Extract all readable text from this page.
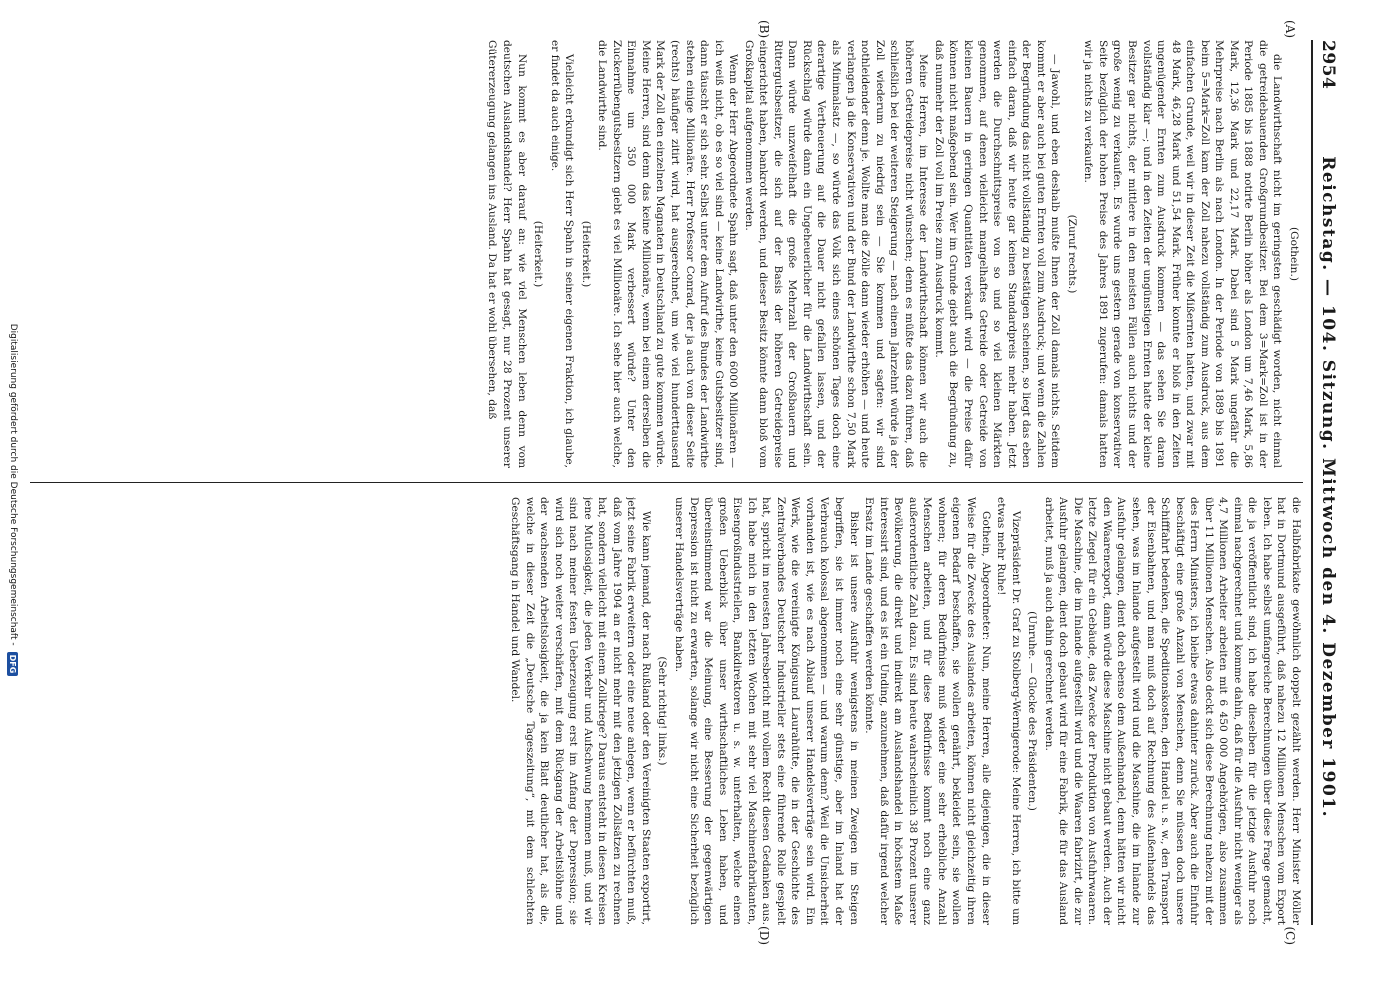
2954
Reichstag. — 104. Sitzung. Mittwoch den 4. Dezember 1901.
(A)
(B)
(C)
(D)

(Gothein.)

die Landwirthschaft nicht im geringsten geschädigt worden, nicht einmal die getreidebauenden Großgrundbesitzer. Bei dem 3=Mark=Zoll ist in der Periode 1885 bis 1888 notirte Berlin höher als London um 7,46 Mark, 5,86 Mark, 12,36 Mark und 22,17 Mark. Dabei sind 5 Mark ungefähr die Mehrpreise nach Berlin als nach London. In der Periode von 1889 bis 1891 beim 5=Mark=Zoll kam der Zoll nahezu vollständig zum Ausdruck, aus dem einfachen Grunde, weil wir in dieser Zeit die Mißernten hatten, und zwar mit 48 Mark, 46,28 Mark und 51,54 Mark. Früher konnte er bloß in den Zeiten ungenügender Ernten zum Ausdruck kommen — das sehen Sie daran vollständig klar —; und in den Zeiten der ungünstigen Ernten hatte der kleine Besitzer gar nichts, der mittlere in den meisten Fällen auch nichts und der große wenig zu verkaufen. Es wurde uns gestern gerade von konservativer Seite bezüglich der hohen Preise des Jahres 1891 zugerufen: damals hatten wir ja nichts zu verkaufen.

(Zuruf rechts.)

— Jawohl, und eben deshalb mußte Ihnen der Zoll damals nichts. Seitdem kommt er aber auch bei guten Ernten voll zum Ausdruck; und wenn die Zahlen der Begründung das nicht vollständig zu bestätigen scheinen, so liegt das eben einfach daran, daß wir heute gar keinen Standardpreis mehr haben. Jetzt werden die Durchschnittspreise von so und so viel kleinen Märkten genommen, auf denen vielleicht mangelhaftes Getreide oder Getreide von kleinen Bauern in geringen Quantitäten verkauft wird — die Preise dafür können nicht maßgebend sein. Wer im Grunde giebt auch die Begründung zu, daß nunmehr der Zoll voll im Preise zum Ausdruck kommt.

Meine Herren, im Interesse der Landwirthschaft können wir auch die höheren Getreidepreise nicht wünschen; denn es müßte das dazu führen, daß schließlich bei der weiteren Steigerung — nach einem Jahrzehnt würde ja der Zoll wiederum zu niedrig sein — Sie kommen und sagten: wir sind nothleidender denn je. Wollte man die Zölle dann wieder erhöhen — und heute verlangen ja die Konservativen und der Bund der Landwirthe schon 7,50 Mark als Minimalsatz —, so würde das Volk sich eines schönen Tages doch eine derartige Vertheuerung auf die Dauer nicht gefallen lassen, und der Rückschlag würde dann ein Ungeheuerlicher für die Landwirthschaft sein. Dann würde unzweifelhaft die große Mehrzahl der Großbauern und Rittergutsbesitzer, die sich auf der Basis der höheren Getreidepreise eingerichtet haben, bankrott werden, und dieser Besitz könnte dann bloß vom Großkapital aufgenommen werden.

Wenn der Herr Abgeordnete Spahn sagt, daß unter den 6000 Millionären — ich weiß nicht, ob es so viel sind — keine Landwirthe, keine Gutsbesitzer sind, dann täuscht er sich sehr. Selbst unter dem Aufruf des Bundes der Landwirthe stehen einige Millionäre. Herr Professor Conrad, der ja auch von dieser Seite (rechts) häufiger zitirt wird, hat ausgerechnet, um wie viel hunderttausend Mark der Zoll den einzelnen Magnaten in Deutschland zu gute kommen würde. Meine Herren, sind denn das keine Millionäre, wenn bei einem derselben die Einnahme um 350 000 Mark verbessert würde? Unter den Zuckerrübengutsbesitzern giebt es viel Millionäre. Ich sehe hier auch welche, die Landwirthe sind.

(Heiterkeit.)

Vielleicht erkundigt sich Herr Spahn in seiner eigenen Fraktion, ich glaube, er findet da auch einige.

(Heiterkeit.)

Nun kommt es aber darauf an: wie viel Menschen leben denn vom deutschen Auslandshandel? Herr Spahn hat gesagt, nur 28 Prozent unserer Gütererzeugung gelangen ins Ausland. Da hat er wohl übersehen, daß

die Halbfabrikate gewöhnlich doppelt gezählt werden. Herr Minister Möller hat in Dortmund ausgeführt, daß nahezu 12 Millionen Menschen vom Export leben. Ich habe selbst umfangreiche Berechnungen über diese Frage gemacht, die ja veröffentlicht sind, ich habe dieselben für die jetzige Ausfuhr noch einmal nachgerechnet und komme dahin, daß für die Ausfuhr nicht weniger als 4,7 Millionen Arbeiter arbeiten mit 6 450 000 Angehörigen, also zusammen über 11 Millionen Menschen. Also deckt sich diese Berechnung nahezu mit der des Herrn Ministers, ich bleibe etwas dahinter zurück. Aber auch die Einfuhr beschäftigt eine große Anzahl von Menschen, denn Sie müssen doch unsere Schifffahrt bedenken, die Speditionskosten, den Handel u. s. w., den Transport der Eisenbahnen, und man muß doch auf Rechnung des Außenhandels das sehen, was im Inlande aufgestellt wird und die Maschine, die im Inlande zur Ausfuhr gelangen, dient doch ebenso dem Außenhandel, denn hätten wir nicht den Waarenexport, dann würde diese Maschine nicht gebaut werden. Auch der letzte Ziegel für ein Gebäude, das Zwecke der Produktion von Ausfuhrwaaren. Die Maschine, die im Inlande aufgestellt wird und die Waaren fabrizirt, die zur Ausfuhr gelangen, dient doch gebaut wird für eine Fabrik, die für das Ausland arbeitet, muß ja auch dahin gerechnet werden.

(Unruhe. — Glocke des Präsidenten.)

Vizepräsident Dr. Graf zu Stolberg-Wernigerode: Meine Herren, ich bitte um etwas mehr Ruhe!

Gothein, Abgeordneter: Nun, meine Herren, alle diejenigen, die in dieser Weise für die Zwecke des Auslandes arbeiten, können nicht gleichzeitig ihren eigenen Bedarf beschaffen, sie wollen genährt, bekleidet sein, sie wollen wohnen; für deren Bedürfnisse muß wieder eine sehr erhebliche Anzahl Menschen arbeiten, und für diese Bedürfnisse kommt noch eine ganz außerordentliche Zahl dazu. Es sind heute wahrscheinlich 38 Prozent unserer Bevölkerung, die direkt und indirekt am Auslandshandel in höchstem Maße interessirt sind, und es ist ein Unding, anzunehmen, daß dafür irgend welcher Ersatz im Lande geschaffen werden könnte.

Bisher ist unsere Ausfuhr wenigstens in meinen Zweigen im Steigen begriffen, sie ist immer noch eine sehr günstige, aber im Inland hat der Verbrauch kolossal abgenommen — und warum denn? Weil die Unsicherheit vorhanden ist, wie es nach Ablauf unserer Handelsverträge sein wird. Ein Werk, wie die vereinigte Königsund Laurahütte, die in der Geschichte des Zentralverbandes Deutscher Industrieller stets eine führende Rolle gespielt hat, spricht im neuesten Jahresbericht mit vollem Recht diesen Gedanken aus. Ich habe mich in den letzten Wochen mit sehr viel Maschinenfabrikanten, Eisengroßindustriellen, Bankdirektoren u. s. w. unterhalten, welche einen großen Ueberblick über unser wirthschaftliches Leben haben, und übereinstimmend war die Meinung, eine Besserung der gegenwärtigen Depression ist nicht zu erwarten, solange wir nicht eine Sicherheit bezüglich unserer Handelsverträge haben.

(Sehr richtig! links.)

Wie kann jemand, der nach Rußland oder den Vereinigten Staaten exportirt, jetzt seine Fabrik erweitern oder eine neue anlegen, wenn er befürchten muß, daß vom Jahre 1904 an er nicht mehr mit den jetzigen Zollsätzen zu rechnen hat, sondern vielleicht mit einem Zollkriege? Daraus entsteht in diesen Kreisen jene Mutlosigkeit, die jeden Verkehr und Aufschwung hemmen muß, und wir sind nach meiner festen Ueberzeugung erst im Anfang der Depression; sie wird sich noch weiter verschärfen, mit dem Rückgang der Arbeitslöhne und der wachsenden Arbeitslosigkeit, die ja kein Blatt deutlicher hat, als die, welche in dieser Zeit die „Deutsche Tageszeitung“, mit dem schlechten Geschäftsgang in Handel und Wandel.

Digitalisierung gefördert durch die Deutsche Forschungsgemeinschaft -
DFG
